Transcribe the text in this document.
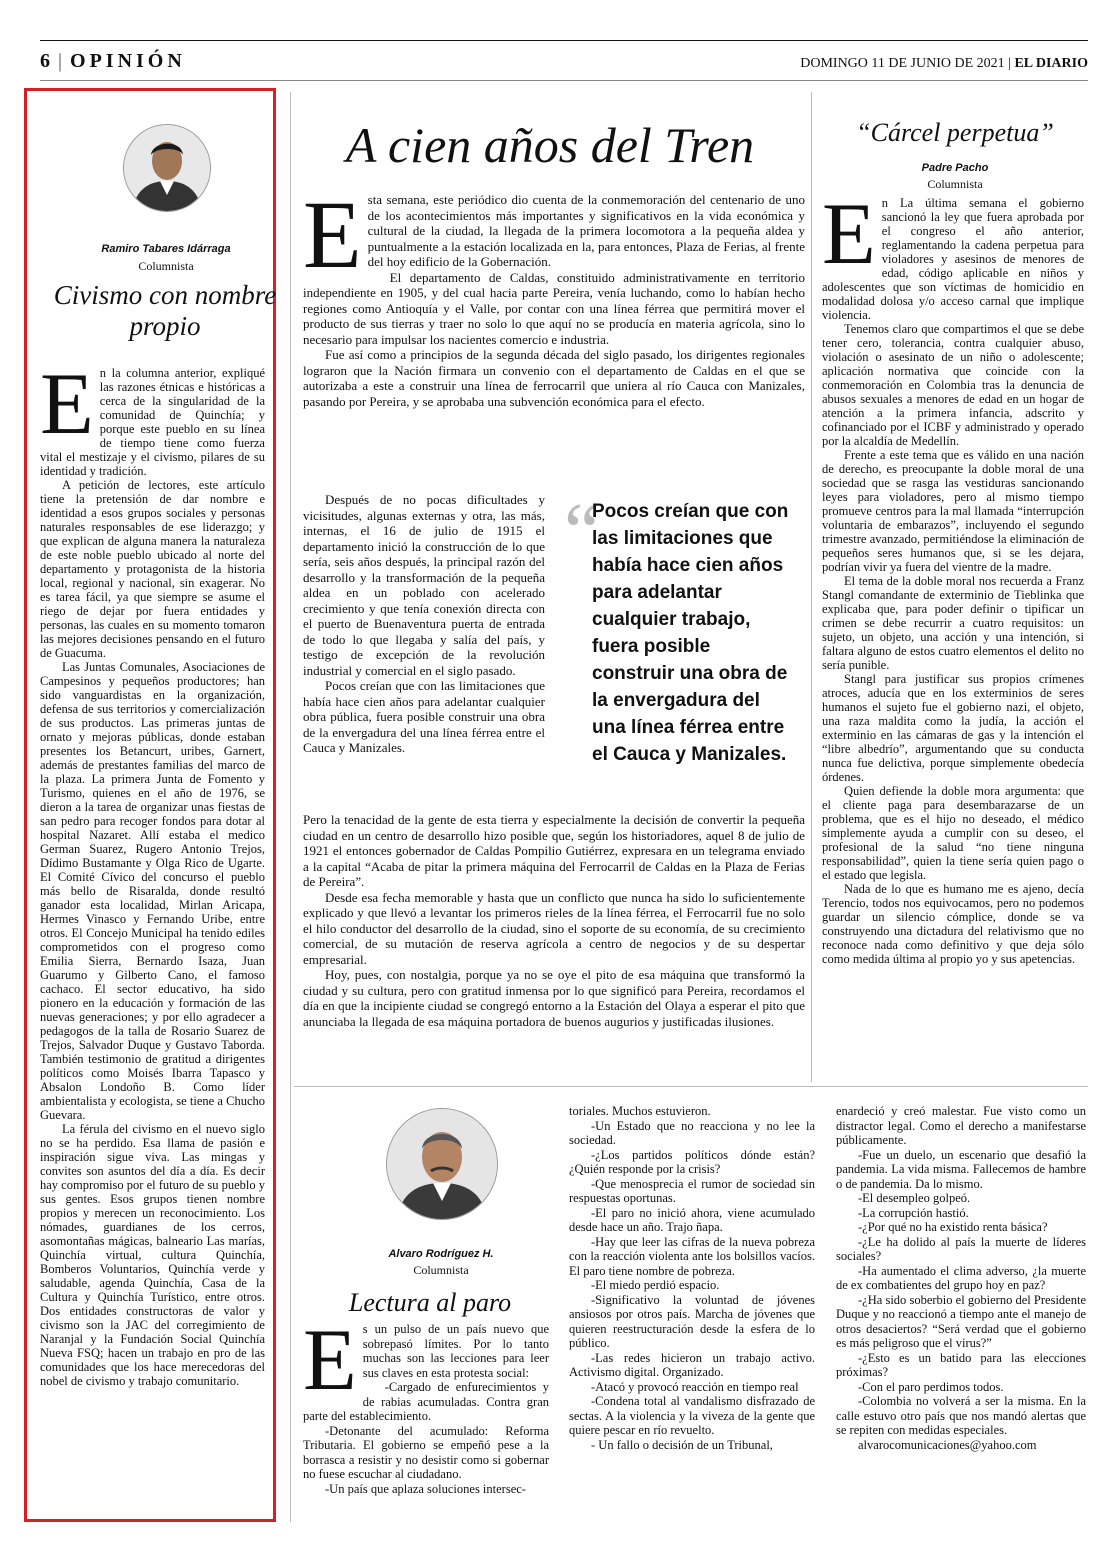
6 | OPINIÓN	DOMINGO 11 DE JUNIO DE 2021 | EL DIARIO
Ramiro Tabares Idárraga
Columnista
Civismo con nombre propio
E n la columna anterior, expliqué las razones étnicas e históricas a cerca de la singularidad de la comunidad de Quinchía; y porque este pueblo en su línea de tiempo tiene como fuerza vital el mestizaje y el civismo, pilares de su identidad y tradición.

A petición de lectores, este artículo tiene la pretensión de dar nombre e identidad a esos grupos sociales y personas naturales responsables de ese liderazgo; y que explican de alguna manera la naturaleza de este noble pueblo ubicado al norte del departamento y protagonista de la historia local, regional y nacional, sin exagerar. No es tarea fácil, ya que siempre se asume el riego de dejar por fuera entidades y personas, las cuales en su momento tomaron las mejores decisiones pensando en el futuro de Guacuma.

Las Juntas Comunales, Asociaciones de Campesinos y pequeños productores; han sido vanguardistas en la organización, defensa de sus territorios y comercialización de sus productos. Las primeras juntas de ornato y mejoras públicas, donde estaban presentes los Betancurt, uribes, Garnert, además de prestantes familias del marco de la plaza. La primera Junta de Fomento y Turismo, quienes en el año de 1976, se dieron a la tarea de organizar unas fiestas de san pedro para recoger fondos para dotar al hospital Nazaret. Allí estaba el medico German Suarez, Rugero Antonio Trejos, Dídimo Bustamante y Olga Rico de Ugarte. El Comité Cívico del concurso el pueblo más bello de Risaralda, donde resultó ganador esta localidad, Mirlan Aricapa, Hermes Vinasco y Fernando Uribe, entre otros. El Concejo Municipal ha tenido ediles comprometidos con el progreso como Emilia Sierra, Bernardo Isaza, Juan Guarumo y Gilberto Cano, el famoso cachaco. El sector educativo, ha sido pionero en la educación y formación de las nuevas generaciones; y por ello agradecer a pedagogos de la talla de Rosario Suarez de Trejos, Salvador Duque y Gustavo Taborda. También testimonio de gratitud a dirigentes políticos como Moisés Ibarra Tapasco y Absalon Londoño B. Como líder ambientalista y ecologista, se tiene a Chucho Guevara.

La férula del civismo en el nuevo siglo no se ha perdido. Esa llama de pasión e inspiración sigue viva. Las mingas y convites son asuntos del día a día. Es decir hay compromiso por el futuro de su pueblo y sus gentes. Esos grupos tienen nombre propios y merecen un reconocimiento. Los nómades, guardianes de los cerros, asomontañas mágicas, balneario Las marías, Quinchía virtual, cultura Quinchía, Bomberos Voluntarios, Quinchía verde y saludable, agenda Quinchía, Casa de la Cultura y Quinchía Turístico, entre otros. Dos entidades constructoras de valor y civismo son la JAC del corregimiento de Naranjal y la Fundación Social Quinchía Nueva FSQ; hacen un trabajo en pro de las comunidades que los hace merecedoras del nobel de civismo y trabajo comunitario.

A cien años del Tren
E sta semana, este periódico dio cuenta de la conmemoración del centenario de uno de los acontecimientos más importantes y significativos en la vida económica y cultural de la ciudad, la llegada de la primera locomotora a la pequeña aldea y puntualmente a la estación localizada en la, para entonces, Plaza de Ferias, al frente del hoy edificio de la Gobernación.

El departamento de Caldas, constituido administrativamente en territorio independiente en 1905, y del cual hacia parte Pereira, venía luchando, como lo habían hecho regiones como Antioquía y el Valle, por contar con una línea férrea que permitirá mover el producto de sus tierras y traer no solo lo que aquí no se producía en materia agrícola, sino lo necesario para impulsar los nacientes comercio e industria.

Fue así como a principios de la segunda década del siglo pasado, los dirigentes regionales lograron que la Nación firmara un convenio con el departamento de Caldas en el que se autorizaba a este a construir una línea de ferrocarril que uniera al río Cauca con Manizales, pasando por Pereira, y se aprobaba una subvención económica para el efecto.

Después de no pocas dificultades y vicisitudes, algunas externas y otra, las más, internas, el 16 de julio de 1915 el departamento inició la construcción de lo que sería, seis años después, la principal razón del desarrollo y la transformación de la pequeña aldea en un poblado con acelerado crecimiento y que tenía conexión directa con el puerto de Buenaventura puerta de entrada de todo lo que llegaba y salía del país, y testigo de excepción de la revolución industrial y comercial en el siglo pasado.

Pocos creían que con las limitaciones que había hace cien años para adelantar cualquier obra pública, fuera posible construir una obra de la envergadura del una línea férrea entre el Cauca y Manizales.

“
Pocos creían que con las limitaciones que había hace cien años para adelantar cualquier trabajo, fuera posible construir una obra de la envergadura del una línea férrea entre el Cauca y Manizales.

Pero la tenacidad de la gente de esta tierra y especialmente la decisión de convertir la pequeña ciudad en un centro de desarrollo hizo posible que, según los historiadores, aquel 8 de julio de 1921 el entonces gobernador de Caldas Pompilio Gutiérrez, expresara en un telegrama enviado a la capital “Acaba de pitar la primera máquina del Ferrocarril de Caldas en la Plaza de Ferias de Pereira”.

Desde esa fecha memorable y hasta que un conflicto que nunca ha sido lo suficientemente explicado y que llevó a levantar los primeros rieles de la línea férrea, el Ferrocarril fue no solo el hilo conductor del desarrollo de la ciudad, sino el soporte de su economía, de su crecimiento comercial, de su mutación de reserva agrícola a centro de negocios y de su despertar empresarial.

Hoy, pues, con nostalgia, porque ya no se oye el pito de esa máquina que transformó la ciudad y su cultura, pero con gratitud inmensa por lo que significó para Pereira, recordamos el día en que la incipiente ciudad se congregó entorno a la Estación del Olaya a esperar el pito que anunciaba la llegada de esa máquina portadora de buenos augurios y justificadas ilusiones.

“Cárcel perpetua”
Padre Pacho
Columnista
E n La última semana el gobierno sancionó la ley que fuera aprobada por el congreso el año anterior, reglamentando la cadena perpetua para violadores y asesinos de menores de edad, código aplicable en niños y adolescentes que son víctimas de homicidio en modalidad dolosa y/o acceso carnal que implique violencia.

Tenemos claro que compartimos el que se debe tener cero, tolerancia, contra cualquier abuso, violación o asesinato de un niño o adolescente; aplicación normativa que coincide con la conmemoración en Colombia tras la denuncia de abusos sexuales a menores de edad en un hogar de atención a la primera infancia, adscrito y cofinanciado por el ICBF y administrado y operado por la alcaldía de Medellín.

Frente a este tema que es válido en una nación de derecho, es preocupante la doble moral de una sociedad que se rasga las vestiduras sancionando leyes para violadores, pero al mismo tiempo promueve centros para la mal llamada “interrupción voluntaria de embarazos”, incluyendo el segundo trimestre avanzado, permitiéndose la eliminación de pequeños seres humanos que, si se les dejara, podrían vivir ya fuera del vientre de la madre.

El tema de la doble moral nos recuerda a Franz Stangl comandante de exterminio de Tieblinka que explicaba que, para poder definir o tipificar un crimen se debe recurrir a cuatro requisitos: un sujeto, un objeto, una acción y una intención, si faltara alguno de estos cuatro elementos el delito no sería punible.

Stangl para justificar sus propios crímenes atroces, aducía que en los exterminios de seres humanos el sujeto fue el gobierno nazi, el objeto, una raza maldita como la judía, la acción el exterminio en las cámaras de gas y la intención el “libre albedrío”, argumentando que su conducta nunca fue delictiva, porque simplemente obedecía órdenes.

Quien defiende la doble mora argumenta: que el cliente paga para desembarazarse de un problema, que es el hijo no deseado, el médico simplemente ayuda a cumplir con su deseo, el profesional de la salud “no tiene ninguna responsabilidad”, quien la tiene sería quien pago o el estado que legisla.

Nada de lo que es humano me es ajeno, decía Terencio, todos nos equivocamos, pero no podemos guardar un silencio cómplice, donde se va construyendo una dictadura del relativismo que no reconoce nada como definitivo y que deja sólo como medida última al propio yo y sus apetencias.

Alvaro Rodríguez H.
Columnista
Lectura al paro
E s un pulso de un país nuevo que sobrepasó límites. Por lo tanto muchas son las lecciones para leer sus claves en esta protesta social:

-Cargado de enfurecimientos y de rabias acumuladas. Contra gran parte del establecimiento.

-Detonante del acumulado: Reforma Tributaria. El gobierno se empeñó pese a la borrasca a resistir y no desistir como si gobernar no fuese escuchar al ciudadano.

-Un país que aplaza soluciones intersec-

toriales. Muchos estuvieron.

-Un Estado que no reacciona y no lee la sociedad.

-¿Los partidos políticos dónde están? ¿Quién responde por la crisis?

-Que menosprecia el rumor de sociedad sin respuestas oportunas.

-El paro no inició ahora, viene acumulado desde hace un año. Trajo ñapa.

-Hay que leer las cifras de la nueva pobreza con la reacción violenta ante los bolsillos vacíos. El paro tiene nombre de pobreza.

-El miedo perdió espacio.

-Significativo la voluntad de jóvenes ansiosos por otros país. Marcha de jóvenes que quieren reestructuración desde la esfera de lo público.

-Las redes hicieron un trabajo activo. Activismo digital. Organizado.

-Atacó y provocó reacción en tiempo real

-Condena total al vandalismo disfrazado de sectas. A la violencia y la viveza de la gente que quiere pescar en río revuelto.

- Un fallo o decisión de un Tribunal,

enardeció y creó malestar. Fue visto como un distractor legal. Como el derecho a manifestarse públicamente.

-Fue un duelo, un escenario que desafió la pandemia. La vida misma. Fallecemos de hambre o de pandemia. Da lo mismo.

-El desempleo golpeó.

-La corrupción hastió.

-¿Por qué no ha existido renta básica?

-¿Le ha dolido al país la muerte de líderes sociales?

-Ha aumentado el clima adverso, ¿la muerte de ex combatientes del grupo hoy en paz?

-¿Ha sido soberbio el gobierno del Presidente Duque y no reaccionó a tiempo ante el manejo de otros desaciertos? “Será verdad que el gobierno es más peligroso que el virus?”

-¿Esto es un batido para las elecciones próximas?

-Con el paro perdimos todos.

-Colombia no volverá a ser la misma. En la calle estuvo otro país que nos mandó alertas que se repiten con medidas especiales.

alvarocomunicaciones@yahoo.com
